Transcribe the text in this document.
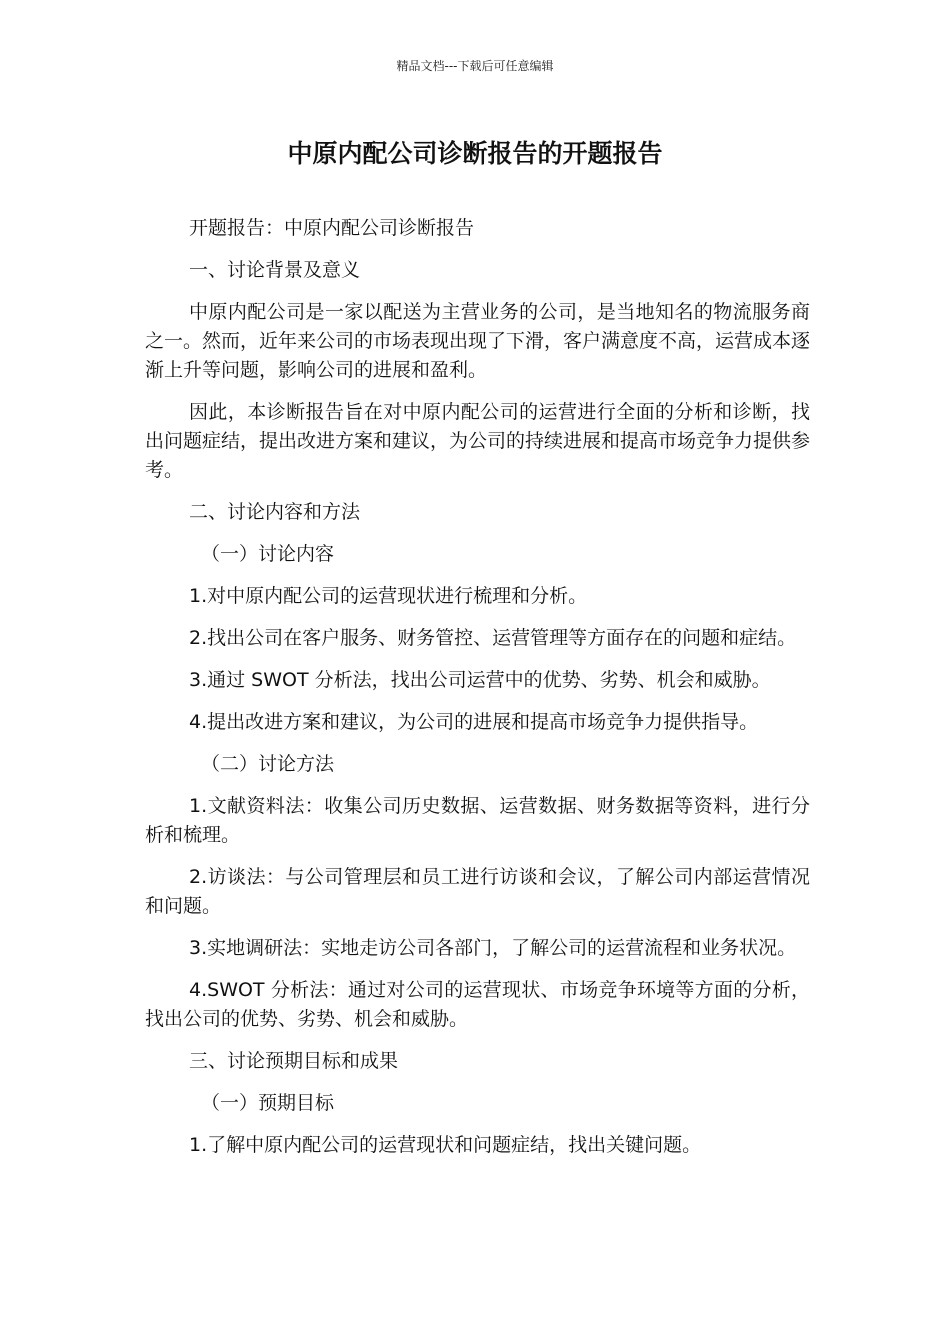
精品文档---下载后可任意编辑
中原内配公司诊断报告的开题报告

开题报告：中原内配公司诊断报告

一、讨论背景及意义

中原内配公司是一家以配送为主营业务的公司，是当地知名的物流服务商之一。然而，近年来公司的市场表现出现了下滑，客户满意度不高，运营成本逐渐上升等问题，影响公司的进展和盈利。

因此，本诊断报告旨在对中原内配公司的运营进行全面的分析和诊断，找出问题症结，提出改进方案和建议，为公司的持续进展和提高市场竞争力提供参考。

二、讨论内容和方法

（一）讨论内容

1.对中原内配公司的运营现状进行梳理和分析。

2.找出公司在客户服务、财务管控、运营管理等方面存在的问题和症结。

3.通过 SWOT 分析法，找出公司运营中的优势、劣势、机会和威胁。

4.提出改进方案和建议，为公司的进展和提高市场竞争力提供指导。

（二）讨论方法

1.文献资料法：收集公司历史数据、运营数据、财务数据等资料，进行分析和梳理。

2.访谈法：与公司管理层和员工进行访谈和会议，了解公司内部运营情况和问题。

3.实地调研法：实地走访公司各部门，了解公司的运营流程和业务状况。

4.SWOT 分析法：通过对公司的运营现状、市场竞争环境等方面的分析，找出公司的优势、劣势、机会和威胁。

三、讨论预期目标和成果

（一）预期目标

1.了解中原内配公司的运营现状和问题症结，找出关键问题。
